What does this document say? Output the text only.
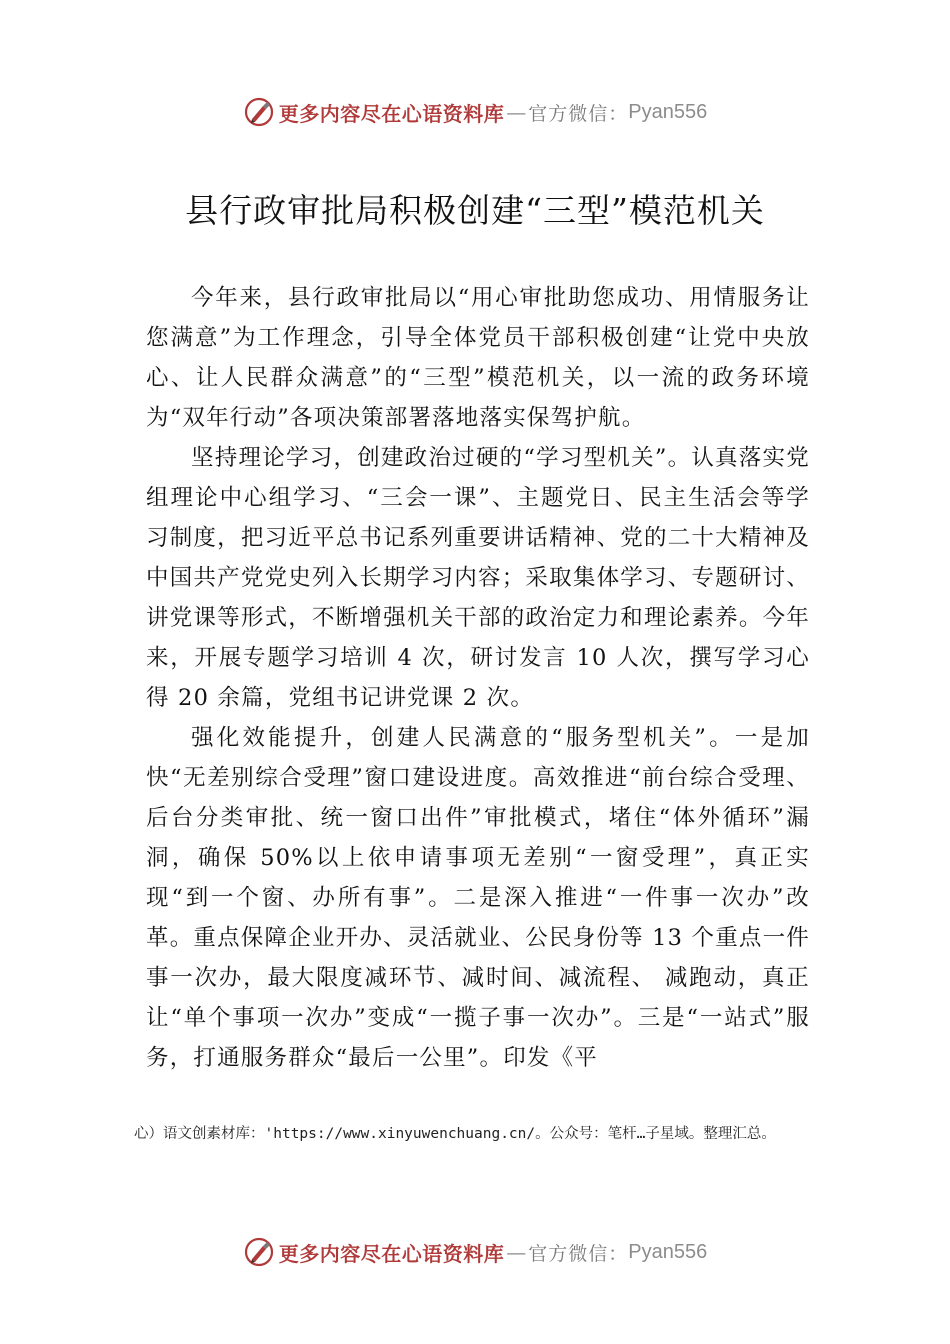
更多内容尽在心语资料库 — 官方微信： Pyan556
县行政审批局积极创建“三型”模范机关

今年来，县行政审批局以“用心审批助您成功、用情服务让您满意”为工作理念，引导全体党员干部积极创建“让党中央放心、让人民群众满意”的“三型”模范机关，以一流的政务环境为“双年行动”各项决策部署落地落实保驾护航。

坚持理论学习，创建政治过硬的“学习型机关”。认真落实党组理论中心组学习、“三会一课”、主题党日、民主生活会等学习制度，把习近平总书记系列重要讲话精神、党的二十大精神及中国共产党党史列入长期学习内容；采取集体学习、专题研讨、讲党课等形式，不断增强机关干部的政治定力和理论素养。今年来，开展专题学习培训 4 次，研讨发言 10 人次，撰写学习心得 20 余篇，党组书记讲党课 2 次。

强化效能提升，创建人民满意的“服务型机关”。一是加快“无差别综合受理”窗口建设进度。高效推进“前台综合受理、后台分类审批、统一窗口出件”审批模式，堵住“体外循环”漏洞，确保 50%以上依申请事项无差别“一窗受理”，真正实现“到一个窗、办所有事”。二是深入推进“一件事一次办”改革。重点保障企业开办、灵活就业、公民身份等 13 个重点一件事一次办，最大限度减环节、减时间、减流程、 减跑动，真正让“单个事项一次办”变成“一揽子事一次办”。三是“一站式”服务，打通服务群众“最后一公里”。印发《平

心）语文创素材库：'https://www.xinyuwenchuang.cn/。公众号：笔杆…子星域。整理汇总。
更多内容尽在心语资料库 — 官方微信： Pyan556
